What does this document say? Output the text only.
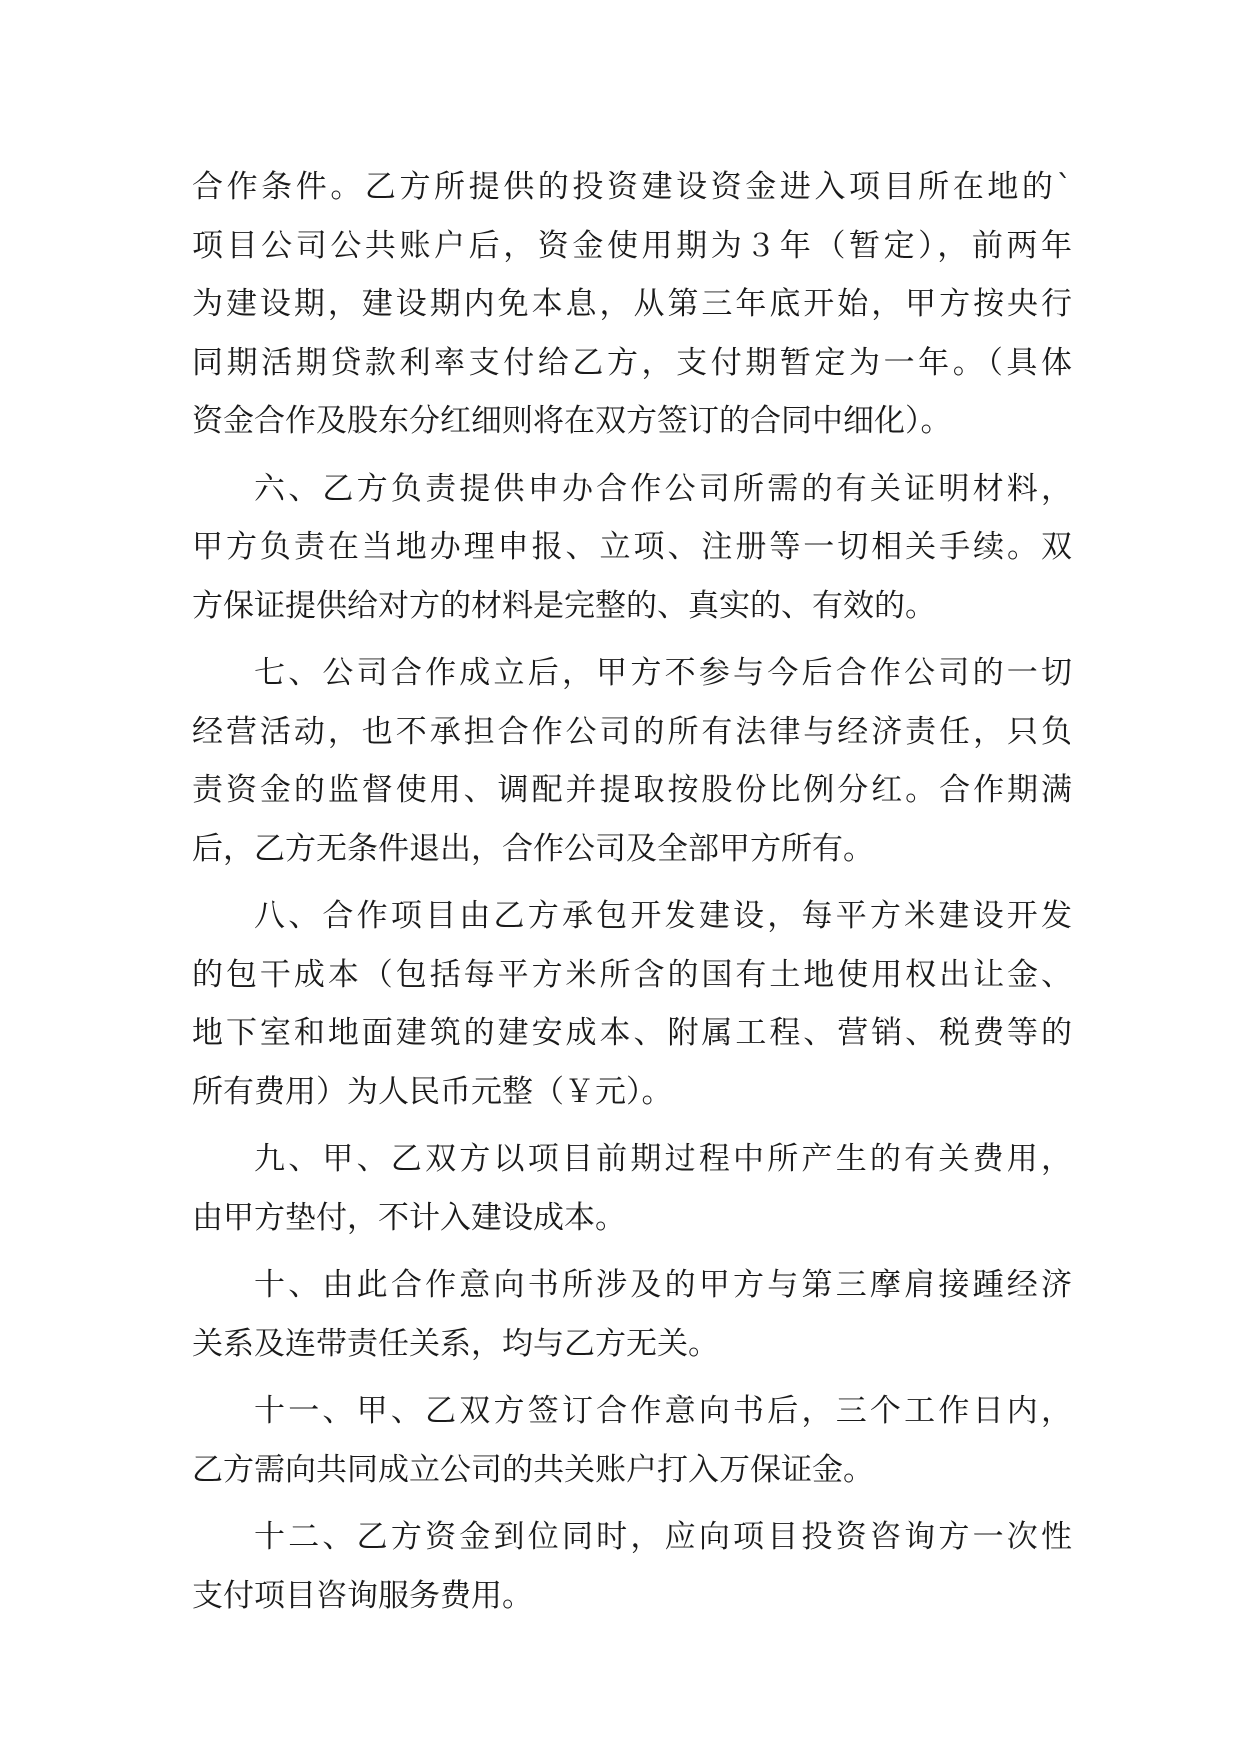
合作条件。乙方所提供的投资建设资金进入项目所在地的`
项目公司公共账户后，资金使用期为３年（暂定），前两年
为建设期，建设期内免本息，从第三年底开始，甲方按央行
同期活期贷款利率支付给乙方，支付期暂定为一年。（具体
资金合作及股东分红细则将在双方签订的合同中细化）。
六、乙方负责提供申办合作公司所需的有关证明材料，
甲方负责在当地办理申报、立项、注册等一切相关手续。双
方保证提供给对方的材料是完整的、真实的、有效的。
七、公司合作成立后，甲方不参与今后合作公司的一切
经营活动，也不承担合作公司的所有法律与经济责任，只负
责资金的监督使用、调配并提取按股份比例分红。合作期满
后，乙方无条件退出，合作公司及全部甲方所有。
八、合作项目由乙方承包开发建设，每平方米建设开发
的包干成本（包括每平方米所含的国有土地使用权出让金、
地下室和地面建筑的建安成本、附属工程、营销、税费等的
所有费用）为人民币元整（￥元）。
九、甲、乙双方以项目前期过程中所产生的有关费用，
由甲方垫付，不计入建设成本。
十、由此合作意向书所涉及的甲方与第三摩肩接踵经济
关系及连带责任关系，均与乙方无关。
十一、甲、乙双方签订合作意向书后，三个工作日内，
乙方需向共同成立公司的共关账户打入万保证金。
十二、乙方资金到位同时，应向项目投资咨询方一次性
支付项目咨询服务费用。
